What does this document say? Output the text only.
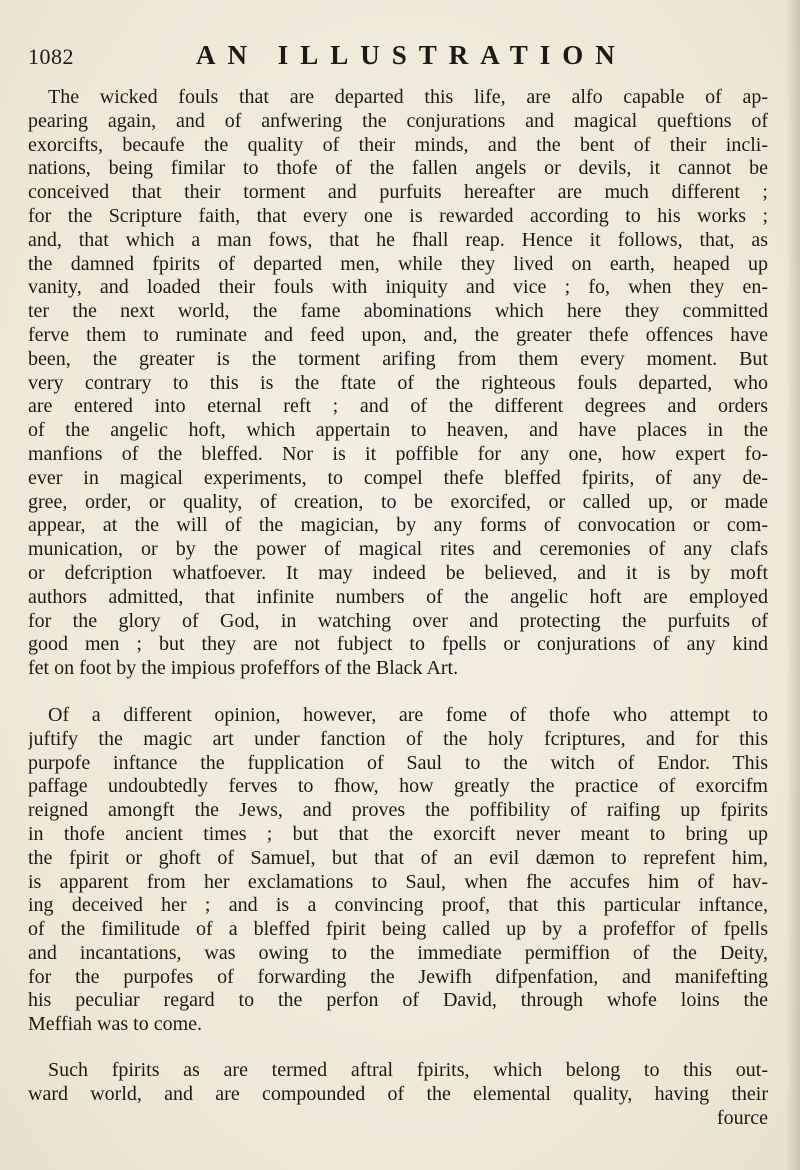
1082	AN ILLUSTRATION
The wicked fouls that are departed this life, are alfo capable of ap-
pearing again, and of anfwering the conjurations and magical queftions of
exorcifts, becaufe the quality of their minds, and the bent of their incli-
nations, being fimilar to thofe of the fallen angels or devils, it cannot be
conceived that their torment and purfuits hereafter are much different ;
for the Scripture faith, that every one is rewarded according to his works ;
and, that which a man fows, that he fhall reap. Hence it follows, that, as
the damned fpirits of departed men, while they lived on earth, heaped up
vanity, and loaded their fouls with iniquity and vice ; fo, when they en-
ter the next world, the fame abominations which here they committed
ferve them to ruminate and feed upon, and, the greater thefe offences have
been, the greater is the torment arifing from them every moment. But
very contrary to this is the ftate of the righteous fouls departed, who
are entered into eternal reft ; and of the different degrees and orders
of the angelic hoft, which appertain to heaven, and have places in the
manfions of the bleffed. Nor is it poffible for any one, how expert fo-
ever in magical experiments, to compel thefe bleffed fpirits, of any de-
gree, order, or quality, of creation, to be exorcifed, or called up, or made
appear, at the will of the magician, by any forms of convocation or com-
munication, or by the power of magical rites and ceremonies of any clafs
or defcription whatfoever. It may indeed be believed, and it is by moft
authors admitted, that infinite numbers of the angelic hoft are employed
for the glory of God, in watching over and protecting the purfuits of
good men ; but they are not fubject to fpells or conjurations of any kind
fet on foot by the impious profeffors of the Black Art.
Of a different opinion, however, are fome of thofe who attempt to
juftify the magic art under fanction of the holy fcriptures, and for this
purpofe inftance the fupplication of Saul to the witch of Endor. This
paffage undoubtedly ferves to fhow, how greatly the practice of exorcifm
reigned amongft the Jews, and proves the poffibility of raifing up fpirits
in thofe ancient times ; but that the exorcift never meant to bring up
the fpirit or ghoft of Samuel, but that of an evil dæmon to reprefent him,
is apparent from her exclamations to Saul, when fhe accufes him of hav-
ing deceived her ; and is a convincing proof, that this particular inftance,
of the fimilitude of a bleffed fpirit being called up by a profeffor of fpells
and incantations, was owing to the immediate permiffion of the Deity,
for the purpofes of forwarding the Jewifh difpenfation, and manifefting
his peculiar regard to the perfon of David, through whofe loins the
Meffiah was to come.
Such fpirits as are termed aftral fpirits, which belong to this out-
ward world, and are compounded of the elemental quality, having their
fource
